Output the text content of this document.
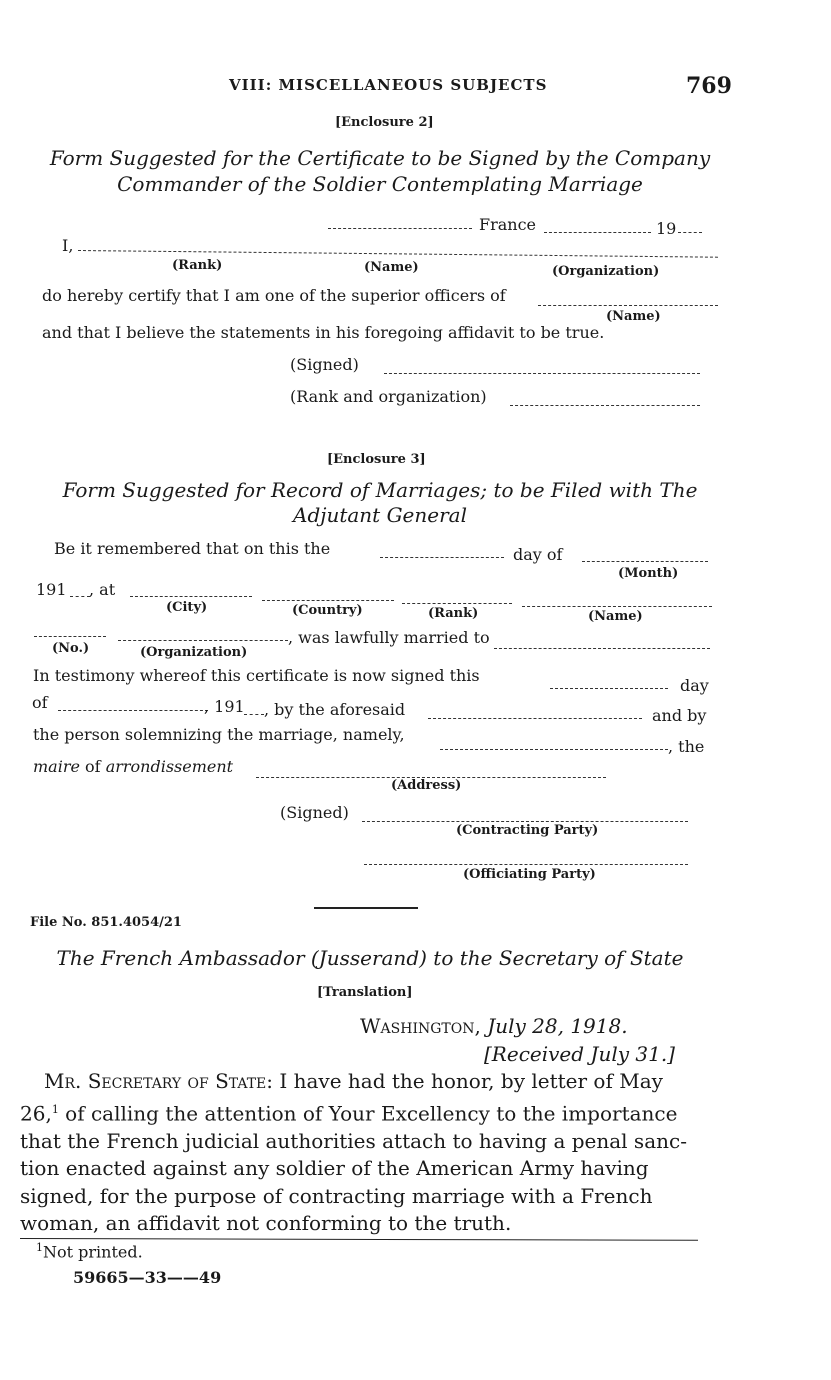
VIII: MISCELLANEOUS SUBJECTS	769
[Enclosure 2]
Form Suggested for the Certificate to be Signed by the Company
Commander of the Soldier Contemplating Marriage
France	19
I,
(Rank)	(Name)	(Organization)
do hereby certify that I am one of the superior officers of
(Name)
and that I believe the statements in his foregoing affidavit to be true.
(Signed)
(Rank and organization)
[Enclosure 3]
Form Suggested for Record of Marriages; to be Filed with The
Adjutant General
Be it remembered that on this the	day of
(Month)
191 , at
(City)	(Country)	(Rank)	(Name)
, was lawfully married to
(No.)	(Organization)
In testimony whereof this certificate is now signed this
day
of	, 191 , by the aforesaid	and by
the person solemnizing the marriage, namely,
, the
maire of arrondissement
(Address)
(Signed)
(Contracting Party)
(Officiating Party)
File No. 851.4054/21
The French Ambassador (Jusserand) to the Secretary of State
[Translation]
Washington, July 28, 1918.
[Received July 31.]
Mr. Secretary of State: I have had the honor, by letter of May
26,$^1$ of calling the attention of Your Excellency to the importance
that the French judicial authorities attach to having a penal sanc-
tion enacted against any soldier of the American Army having
signed, for the purpose of contracting marriage with a French
woman, an affidavit not conforming to the truth.
$^1$Not printed.
59665—33——49
